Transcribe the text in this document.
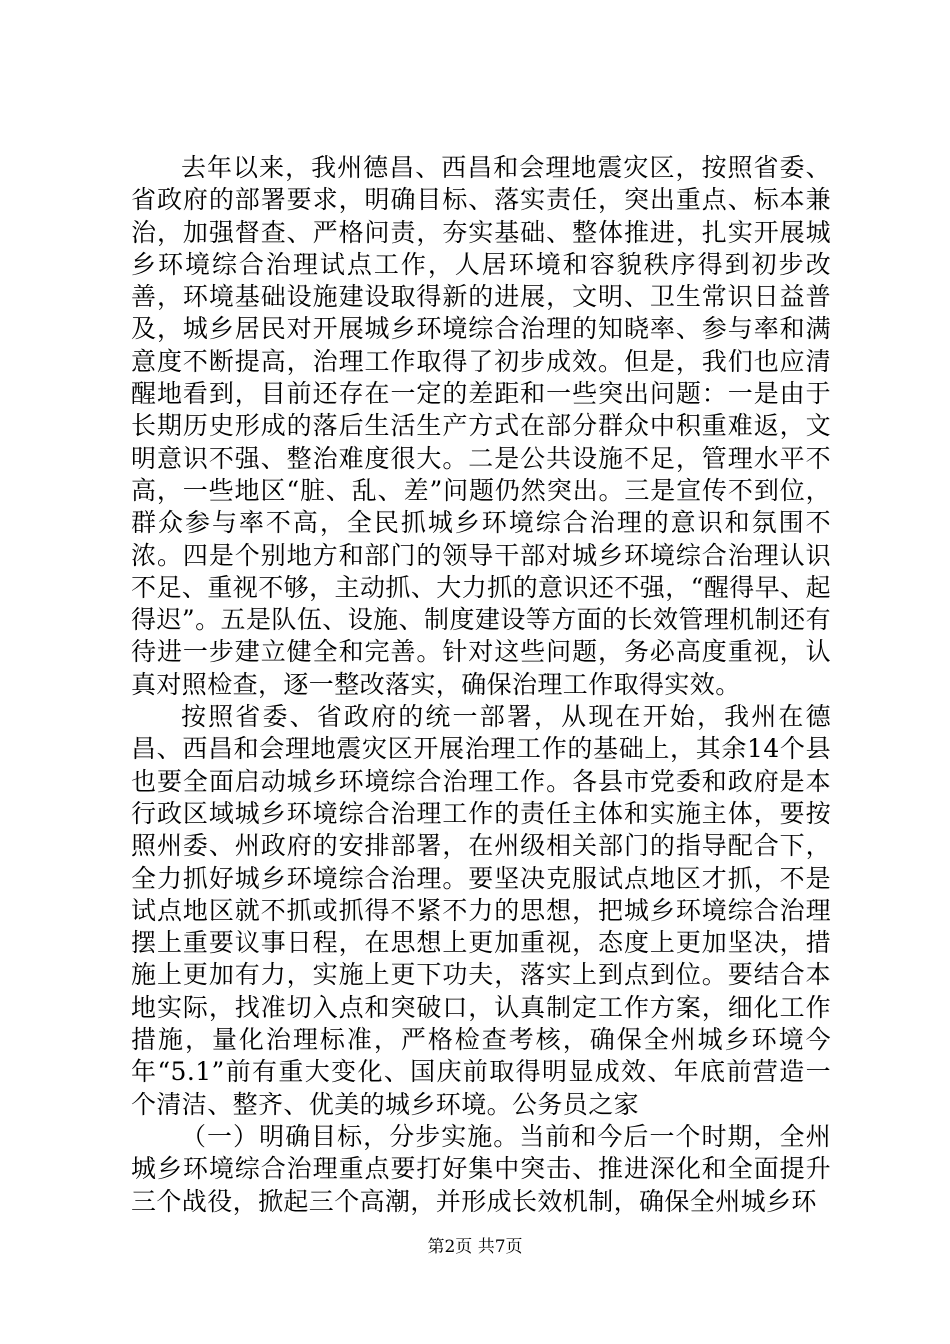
去年以来，我州德昌、西昌和会理地震灾区，按照省委、省政府的部署要求，明确目标、落实责任，突出重点、标本兼治，加强督查、严格问责，夯实基础、整体推进，扎实开展城乡环境综合治理试点工作，人居环境和容貌秩序得到初步改善，环境基础设施建设取得新的进展，文明、卫生常识日益普及，城乡居民对开展城乡环境综合治理的知晓率、参与率和满意度不断提高，治理工作取得了初步成效。但是，我们也应清醒地看到，目前还存在一定的差距和一些突出问题：一是由于长期历史形成的落后生活生产方式在部分群众中积重难返，文明意识不强、整治难度很大。二是公共设施不足，管理水平不高，一些地区“脏、乱、差”问题仍然突出。三是宣传不到位，群众参与率不高，全民抓城乡环境综合治理的意识和氛围不浓。四是个别地方和部门的领导干部对城乡环境综合治理认识不足、重视不够，主动抓、大力抓的意识还不强，“醒得早、起得迟”。五是队伍、设施、制度建设等方面的长效管理机制还有待进一步建立健全和完善。针对这些问题，务必高度重视，认真对照检查，逐一整改落实，确保治理工作取得实效。

按照省委、省政府的统一部署，从现在开始，我州在德昌、西昌和会理地震灾区开展治理工作的基础上，其余14个县也要全面启动城乡环境综合治理工作。各县市党委和政府是本行政区域城乡环境综合治理工作的责任主体和实施主体，要按照州委、州政府的安排部署，在州级相关部门的指导配合下，全力抓好城乡环境综合治理。要坚决克服试点地区才抓，不是试点地区就不抓或抓得不紧不力的思想，把城乡环境综合治理摆上重要议事日程，在思想上更加重视，态度上更加坚决，措施上更加有力，实施上更下功夫，落实上到点到位。要结合本地实际，找准切入点和突破口，认真制定工作方案，细化工作措施，量化治理标准，严格检查考核，确保全州城乡环境今年“5.1”前有重大变化、国庆前取得明显成效、年底前营造一个清洁、整齐、优美的城乡环境。公务员之家

（一）明确目标，分步实施。当前和今后一个时期，全州城乡环境综合治理重点要打好集中突击、推进深化和全面提升三个战役，掀起三个高潮，并形成长效机制，确保全州城乡环

第2页 共7页
